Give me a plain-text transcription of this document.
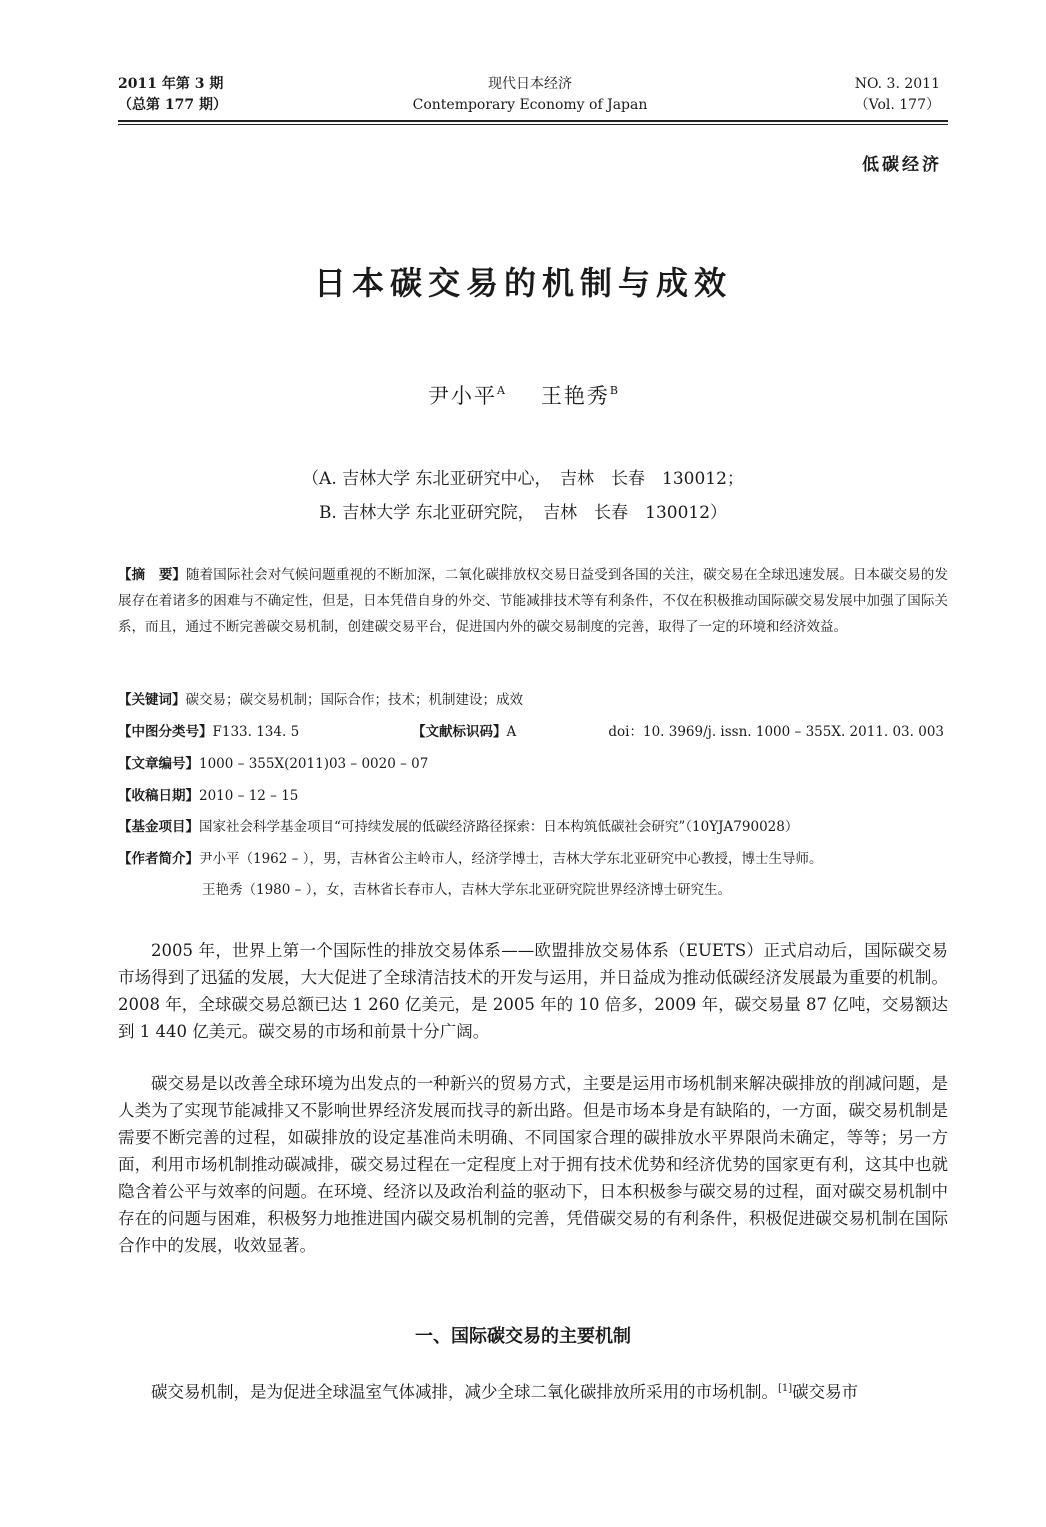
2011 年第 3 期
（总第 177 期）
现代日本经济
Contemporary Economy of Japan
NO. 3. 2011
（Vol. 177）
低碳经济
日本碳交易的机制与成效
尹小平$^A$ 王艳秀$^B$
（A. 吉林大学 东北亚研究中心，　吉林　长春　130012；
B. 吉林大学 东北亚研究院，　吉林　长春　130012）
【摘　要】随着国际社会对气候问题重视的不断加深，二氧化碳排放权交易日益受到各国的关注，碳交易在全球迅速发展。日本碳交易的发展存在着诸多的困难与不确定性，但是，日本凭借自身的外交、节能减排技术等有利条件，不仅在积极推动国际碳交易发展中加强了国际关系，而且，通过不断完善碳交易机制，创建碳交易平台，促进国内外的碳交易制度的完善，取得了一定的环境和经济效益。
【关键词】碳交易；碳交易机制；国际合作；技术；机制建设；成效
【中图分类号】F133. 134. 5	【文献标识码】A	doi：10. 3969/j. issn. 1000 – 355X. 2011. 03. 003
【文章编号】1000 – 355X(2011)03 – 0020 – 07
【收稿日期】2010 – 12 – 15
【基金项目】国家社会科学基金项目“可持续发展的低碳经济路径探索：日本构筑低碳社会研究”（10YJA790028）
【作者简介】尹小平（1962 – ），男，吉林省公主岭市人，经济学博士，吉林大学东北亚研究中心教授，博士生导师。
王艳秀（1980 – ），女，吉林省长春市人，吉林大学东北亚研究院世界经济博士研究生。
2005 年，世界上第一个国际性的排放交易体系——欧盟排放交易体系（EUETS）正式启动后，国际碳交易市场得到了迅猛的发展，大大促进了全球清洁技术的开发与运用，并日益成为推动低碳经济发展最为重要的机制。2008 年，全球碳交易总额已达 1 260 亿美元，是 2005 年的 10 倍多，2009 年，碳交易量 87 亿吨，交易额达到 1 440 亿美元。碳交易的市场和前景十分广阔。
碳交易是以改善全球环境为出发点的一种新兴的贸易方式，主要是运用市场机制来解决碳排放的削减问题，是人类为了实现节能减排又不影响世界经济发展而找寻的新出路。但是市场本身是有缺陷的，一方面，碳交易机制是需要不断完善的过程，如碳排放的设定基准尚未明确、不同国家合理的碳排放水平界限尚未确定，等等；另一方面，利用市场机制推动碳减排，碳交易过程在一定程度上对于拥有技术优势和经济优势的国家更有利，这其中也就隐含着公平与效率的问题。在环境、经济以及政治利益的驱动下，日本积极参与碳交易的过程，面对碳交易机制中存在的问题与困难，积极努力地推进国内碳交易机制的完善，凭借碳交易的有利条件，积极促进碳交易机制在国际合作中的发展，收效显著。
一、国际碳交易的主要机制
碳交易机制，是为促进全球温室气体减排，减少全球二氧化碳排放所采用的市场机制。[1]碳交易市
